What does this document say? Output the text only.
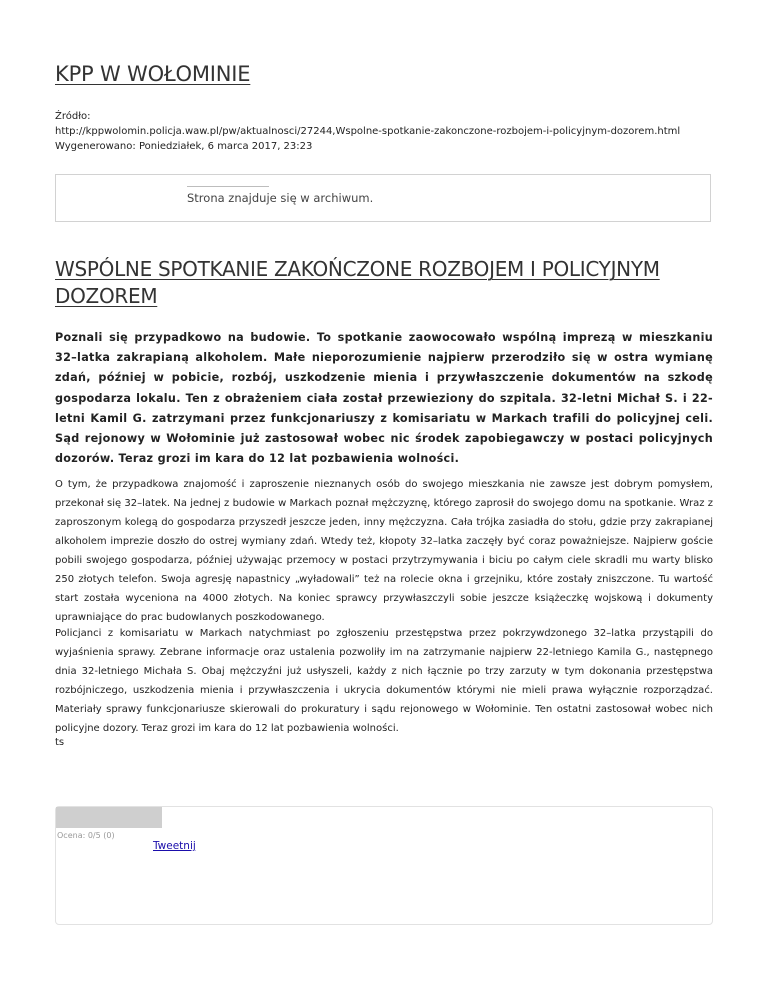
KPP W WOŁOMINIE
Źródło:
http://kppwolomin.policja.waw.pl/pw/aktualnosci/27244,Wspolne-spotkanie-zakonczone-rozbojem-i-policyjnym-dozorem.html
Wygenerowano: Poniedziałek, 6 marca 2017, 23:23
Strona znajduje się w archiwum.
WSPÓLNE SPOTKANIE ZAKOŃCZONE ROZBOJEM I POLICYJNYM DOZOREM

Poznali się przypadkowo na budowie. To spotkanie zaowocowało wspólną imprezą w mieszkaniu 32–latka zakrapianą alkoholem. Małe nieporozumienie najpierw przerodziło się w ostra wymianę zdań, później w pobicie, rozbój, uszkodzenie mienia i przywłaszczenie dokumentów na szkodę gospodarza lokalu. Ten z obrażeniem ciała został przewieziony do szpitala. 32-letni Michał S. i 22-letni Kamil G. zatrzymani przez funkcjonariuszy z komisariatu w Markach trafili do policyjnej celi. Sąd rejonowy w Wołominie już zastosował wobec nic środek zapobiegawczy w postaci policyjnych dozorów. Teraz grozi im kara do 12 lat pozbawienia wolności.

O tym, że przypadkowa znajomość i zaproszenie nieznanych osób do swojego mieszkania nie zawsze jest dobrym pomysłem, przekonał się 32–latek. Na jednej z budowie w Markach poznał mężczyznę, którego zaprosił do swojego domu na spotkanie. Wraz z zaproszonym kolegą do gospodarza przyszedł jeszcze jeden, inny mężczyzna. Cała trójka zasiadła do stołu, gdzie przy zakrapianej alkoholem imprezie doszło do ostrej wymiany zdań. Wtedy też, kłopoty 32–latka zaczęły być coraz poważniejsze. Najpierw goście pobili swojego gospodarza, później używając przemocy w postaci przytrzymywania i biciu po całym ciele skradli mu warty blisko 250 złotych telefon. Swoja agresję napastnicy „wyładowali” też na rolecie okna i grzejniku, które zostały zniszczone. Tu wartość start została wyceniona na 4000 złotych. Na koniec sprawcy przywłaszczyli sobie jeszcze książeczkę wojskową i dokumenty uprawniające do prac budowlanych poszkodowanego.

Policjanci z komisariatu w Markach natychmiast po zgłoszeniu przestępstwa przez pokrzywdzonego 32–latka przystąpili do wyjaśnienia sprawy. Zebrane informacje oraz ustalenia pozwoliły im na zatrzymanie najpierw 22-letniego Kamila G., następnego dnia 32-letniego Michała S. Obaj mężczyźni już usłyszeli, każdy z nich łącznie po trzy zarzuty w tym dokonania przestępstwa rozbójniczego, uszkodzenia mienia i przywłaszczenia i ukrycia dokumentów którymi nie mieli prawa wyłącznie rozporządzać. Materiały sprawy funkcjonariusze skierowali do prokuratury i sądu rejonowego w Wołominie. Ten ostatni zastosował wobec nich policyjne dozory. Teraz grozi im kara do 12 lat pozbawienia wolności.

ts

Ocena: 0/5 (0)
Tweetnij
